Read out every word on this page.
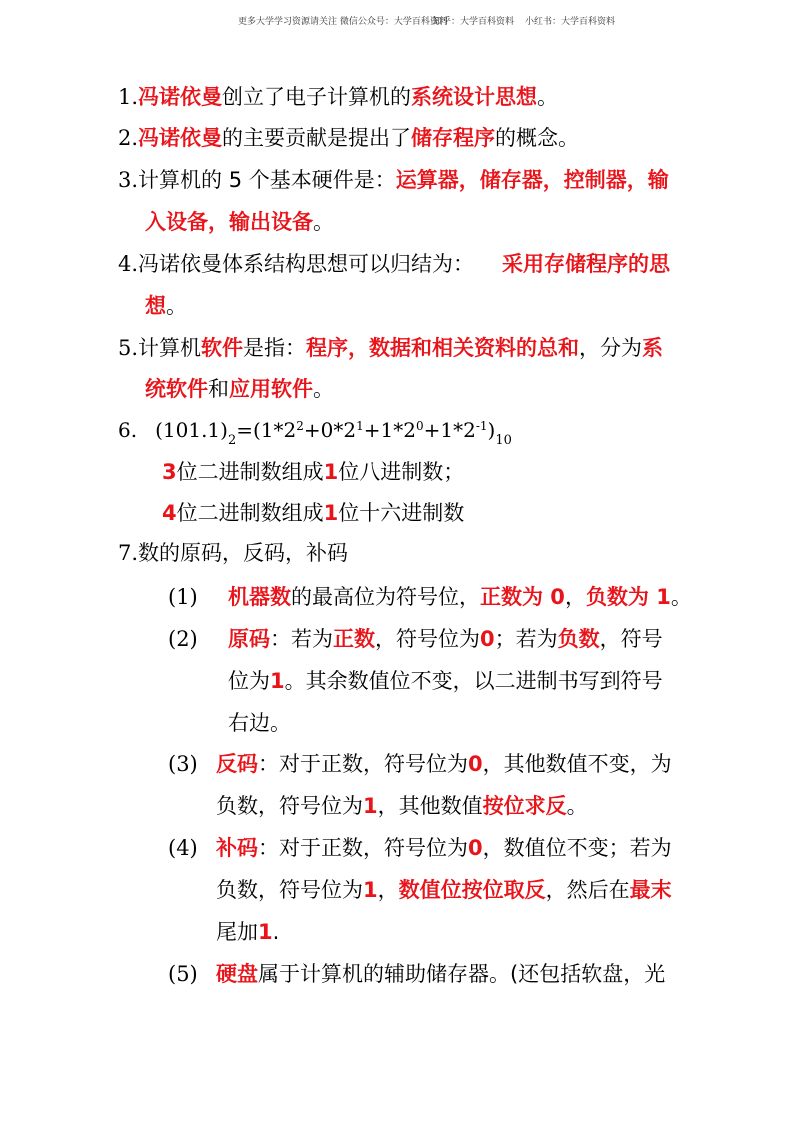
更多大学学习资源请关注 微信公众号：大学百科资料
知乎：大学百科资料 小红书：大学百科资料
1.冯诺依曼创立了电子计算机的系统设计思想。
2.冯诺依曼的主要贡献是提出了储存程序的概念。
3.计算机的 5 个基本硬件是：运算器，储存器，控制器，输
入设备，输出设备。
4.冯诺依曼体系结构思想可以归结为： 采用存储程序的思
想。
5.计算机软件是指：程序，数据和相关资料的总和，分为系
统软件和应用软件。
6. $(101.1)_2=(1*2^2+0*2^1+1*2^0+1*2^{-1})_{10}$
3位二进制数组成1位八进制数；
4位二进制数组成1位十六进制数
7.数的原码，反码，补码
(1) 机器数的最高位为符号位，正数为 0，负数为 1。
(2) 原码：若为正数，符号位为0；若为负数，符号
位为1。其余数值位不变，以二进制书写到符号
右边。
(3) 反码：对于正数，符号位为0，其他数值不变，为
负数，符号位为1，其他数值按位求反。
(4) 补码：对于正数，符号位为0，数值位不变；若为
负数，符号位为1，数值位按位取反，然后在最末
尾加1.
(5) 硬盘属于计算机的辅助储存器。(还包括软盘，光
